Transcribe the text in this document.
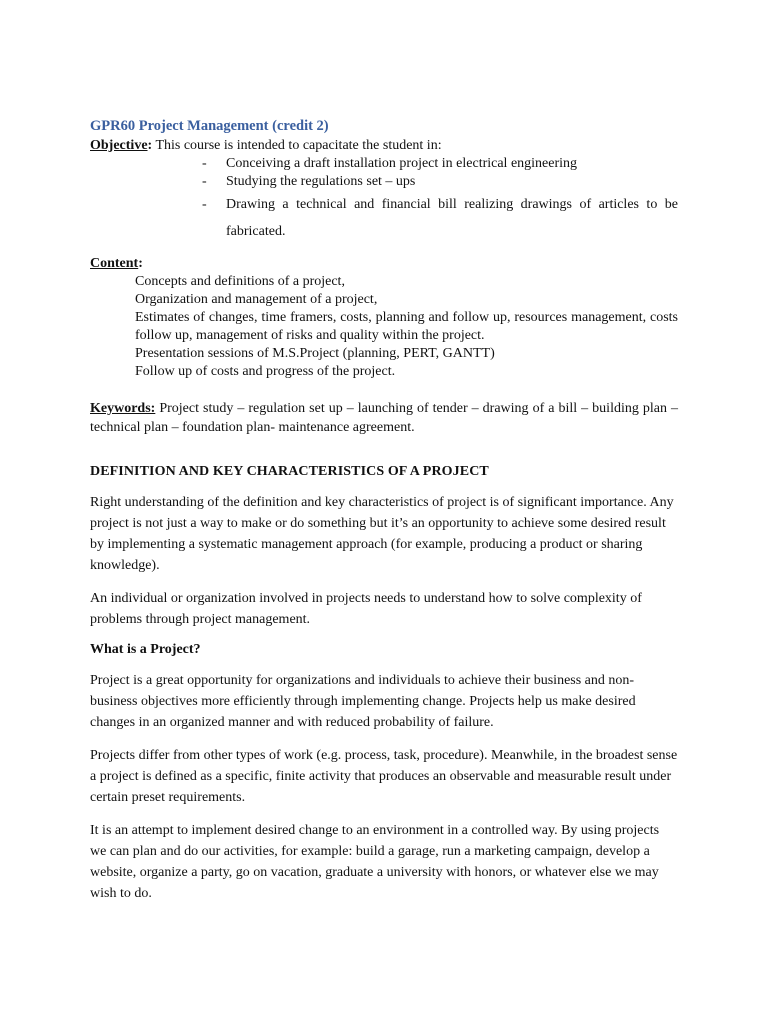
GPR60 Project Management (credit 2)

Objective: This course is intended to capacitate the student in:

- Conceiving a draft installation project in electrical engineering
- Studying the regulations set – ups
- Drawing a technical and financial bill realizing drawings of articles to be fabricated.

Content:

Concepts and definitions of a project,
Organization and management of a project,
Estimates of changes, time framers, costs, planning and follow up, resources management, costs follow up, management of risks and quality within the project.
Presentation sessions of M.S.Project (planning, PERT, GANTT)
Follow up of costs and progress of the project.

Keywords: Project study – regulation set up – launching of tender – drawing of a bill – building plan – technical plan – foundation plan- maintenance agreement.

DEFINITION AND KEY CHARACTERISTICS OF A PROJECT

Right understanding of the definition and key characteristics of project is of significant importance. Any project is not just a way to make or do something but it’s an opportunity to achieve some desired result by implementing a systematic management approach (for example, producing a product or sharing knowledge).

An individual or organization involved in projects needs to understand how to solve complexity of problems through project management.

What is a Project?

Project is a great opportunity for organizations and individuals to achieve their business and non-business objectives more efficiently through implementing change. Projects help us make desired changes in an organized manner and with reduced probability of failure.

Projects differ from other types of work (e.g. process, task, procedure). Meanwhile, in the broadest sense a project is defined as a specific, finite activity that produces an observable and measurable result under certain preset requirements.

It is an attempt to implement desired change to an environment in a controlled way. By using projects we can plan and do our activities, for example: build a garage, run a marketing campaign, develop a website, organize a party, go on vacation, graduate a university with honors, or whatever else we may wish to do.
